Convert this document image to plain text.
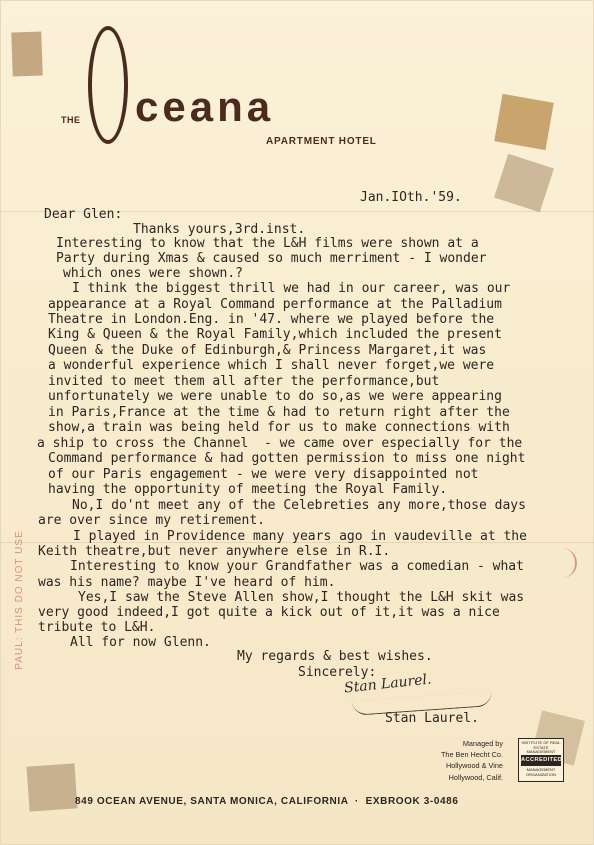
THE ceana
APARTMENT HOTEL
Jan.IOth.'59.
Dear Glen:
Thanks yours,3rd.inst.
Interesting to know that the L&H films were shown at a
Party during Xmas & caused so much merriment - I wonder
which ones were shown.?
I think the biggest thrill we had in our career, was our
appearance at a Royal Command performance at the Palladium
Theatre in London.Eng. in '47. where we played before the
King & Queen & the Royal Family,which included the present
Queen & the Duke of Edinburgh,& Princess Margaret,it was
a wonderful experience which I shall never forget,we were
invited to meet them all after the performance,but
unfortunately we were unable to do so,as we were appearing
in Paris,France at the time & had to return right after the
show,a train was being held for us to make connections with
a ship to cross the Channel  - we came over especially for the
Command performance & had gotten permission to miss one night
of our Paris engagement - we were very disappointed not
having the opportunity of meeting the Royal Family.
No,I do'nt meet any of the Celebreties any more,those days
are over since my retirement.
I played in Providence many years ago in vaudeville at the
Keith theatre,but never anywhere else in R.I.
Interesting to know your Grandfather was a comedian - what
was his name? maybe I've heard of him.
Yes,I saw the Steve Allen show,I thought the L&H skit was
very good indeed,I got quite a kick out of it,it was a nice
tribute to L&H.
All for now Glenn.
My regards & best wishes.
Sincerely:
Stan Laurel.
Stan Laurel.
Managed by
The Ben Hecht Co.
Hollywood & Vine
Hollywood, Calif.
INSTITUTE OF REAL ESTATE MANAGEMENT
ACCREDITED
MANAGEMENT ORGANIZATION
849 OCEAN AVENUE, SANTA MONICA, CALIFORNIA  ·  EXBROOK 3-0486
PAUL: THIS DO NOT USE
